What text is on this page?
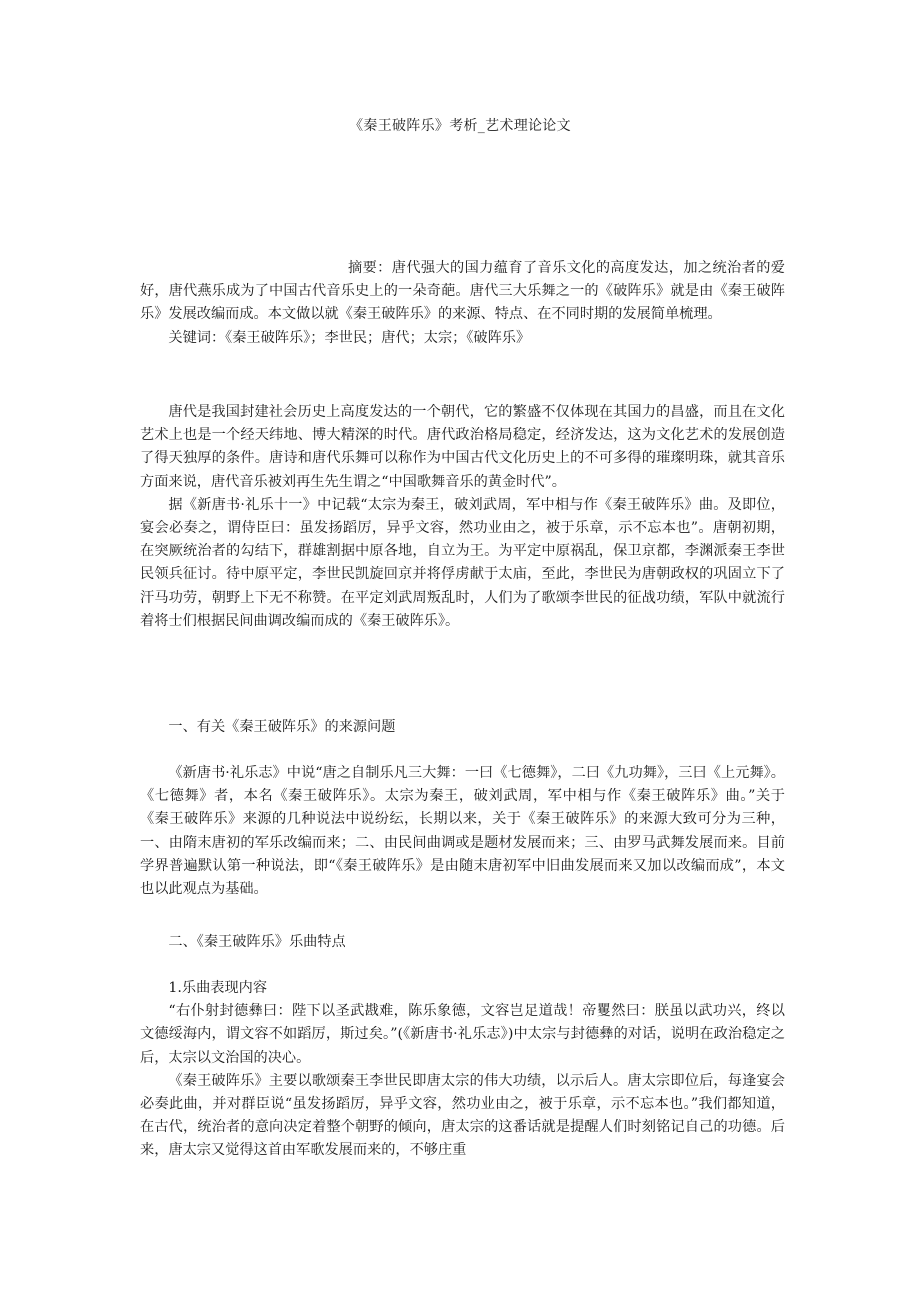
《秦王破阵乐》考析_艺术理论论文

摘要：唐代强大的国力蕴育了音乐文化的高度发达，加之统治者的爱好，唐代燕乐成为了中国古代音乐史上的一朵奇葩。唐代三大乐舞之一的《破阵乐》就是由《秦王破阵乐》发展改编而成。本文做以就《秦王破阵乐》的来源、特点、在不同时期的发展简单梳理。

关键词：《秦王破阵乐》；李世民；唐代；太宗；《破阵乐》

唐代是我国封建社会历史上高度发达的一个朝代，它的繁盛不仅体现在其国力的昌盛，而且在文化艺术上也是一个经天纬地、博大精深的时代。唐代政治格局稳定，经济发达，这为文化艺术的发展创造了得天独厚的条件。唐诗和唐代乐舞可以称作为中国古代文化历史上的不可多得的璀璨明珠，就其音乐方面来说，唐代音乐被刘再生先生谓之“中国歌舞音乐的黄金时代”。

据《新唐书·礼乐十一》中记载“太宗为秦王，破刘武周，军中相与作《秦王破阵乐》曲。及即位，宴会必奏之，谓侍臣曰：虽发扬蹈厉，异乎文容，然功业由之，被于乐章，示不忘本也”。唐朝初期，在突厥统治者的勾结下，群雄割据中原各地，自立为王。为平定中原祸乱，保卫京都，李渊派秦王李世民领兵征讨。待中原平定，李世民凯旋回京并将俘虏献于太庙，至此，李世民为唐朝政权的巩固立下了汗马功劳，朝野上下无不称赞。在平定刘武周叛乱时，人们为了歌颂李世民的征战功绩，军队中就流行着将士们根据民间曲调改编而成的《秦王破阵乐》。

一、有关《秦王破阵乐》的来源问题

《新唐书·礼乐志》中说“唐之自制乐凡三大舞：一曰《七德舞》，二曰《九功舞》，三曰《上元舞》。《七德舞》者，本名《秦王破阵乐》。太宗为秦王，破刘武周，军中相与作《秦王破阵乐》曲。”关于《秦王破阵乐》来源的几种说法中说纷纭，长期以来，关于《秦王破阵乐》的来源大致可分为三种，一、由隋末唐初的军乐改编而来；二、由民间曲调或是题材发展而来；三、由罗马武舞发展而来。目前学界普遍默认第一种说法，即“《秦王破阵乐》是由随末唐初军中旧曲发展而来又加以改编而成”，本文也以此观点为基础。

二、《秦王破阵乐》乐曲特点

1.乐曲表现内容

“右仆射封德彝曰：陛下以圣武戡难，陈乐象德，文容岂足道哉！帝矍然曰：朕虽以武功兴，终以文德绥海内，谓文容不如蹈厉，斯过矣。”(《新唐书·礼乐志》)中太宗与封德彝的对话，说明在政治稳定之后，太宗以文治国的决心。

《秦王破阵乐》主要以歌颂秦王李世民即唐太宗的伟大功绩，以示后人。唐太宗即位后，每逢宴会必奏此曲，并对群臣说“虽发扬蹈厉，异乎文容，然功业由之，被于乐章，示不忘本也。”我们都知道，在古代，统治者的意向决定着整个朝野的倾向，唐太宗的这番话就是提醒人们时刻铭记自己的功德。后来，唐太宗又觉得这首由军歌发展而来的，不够庄重
